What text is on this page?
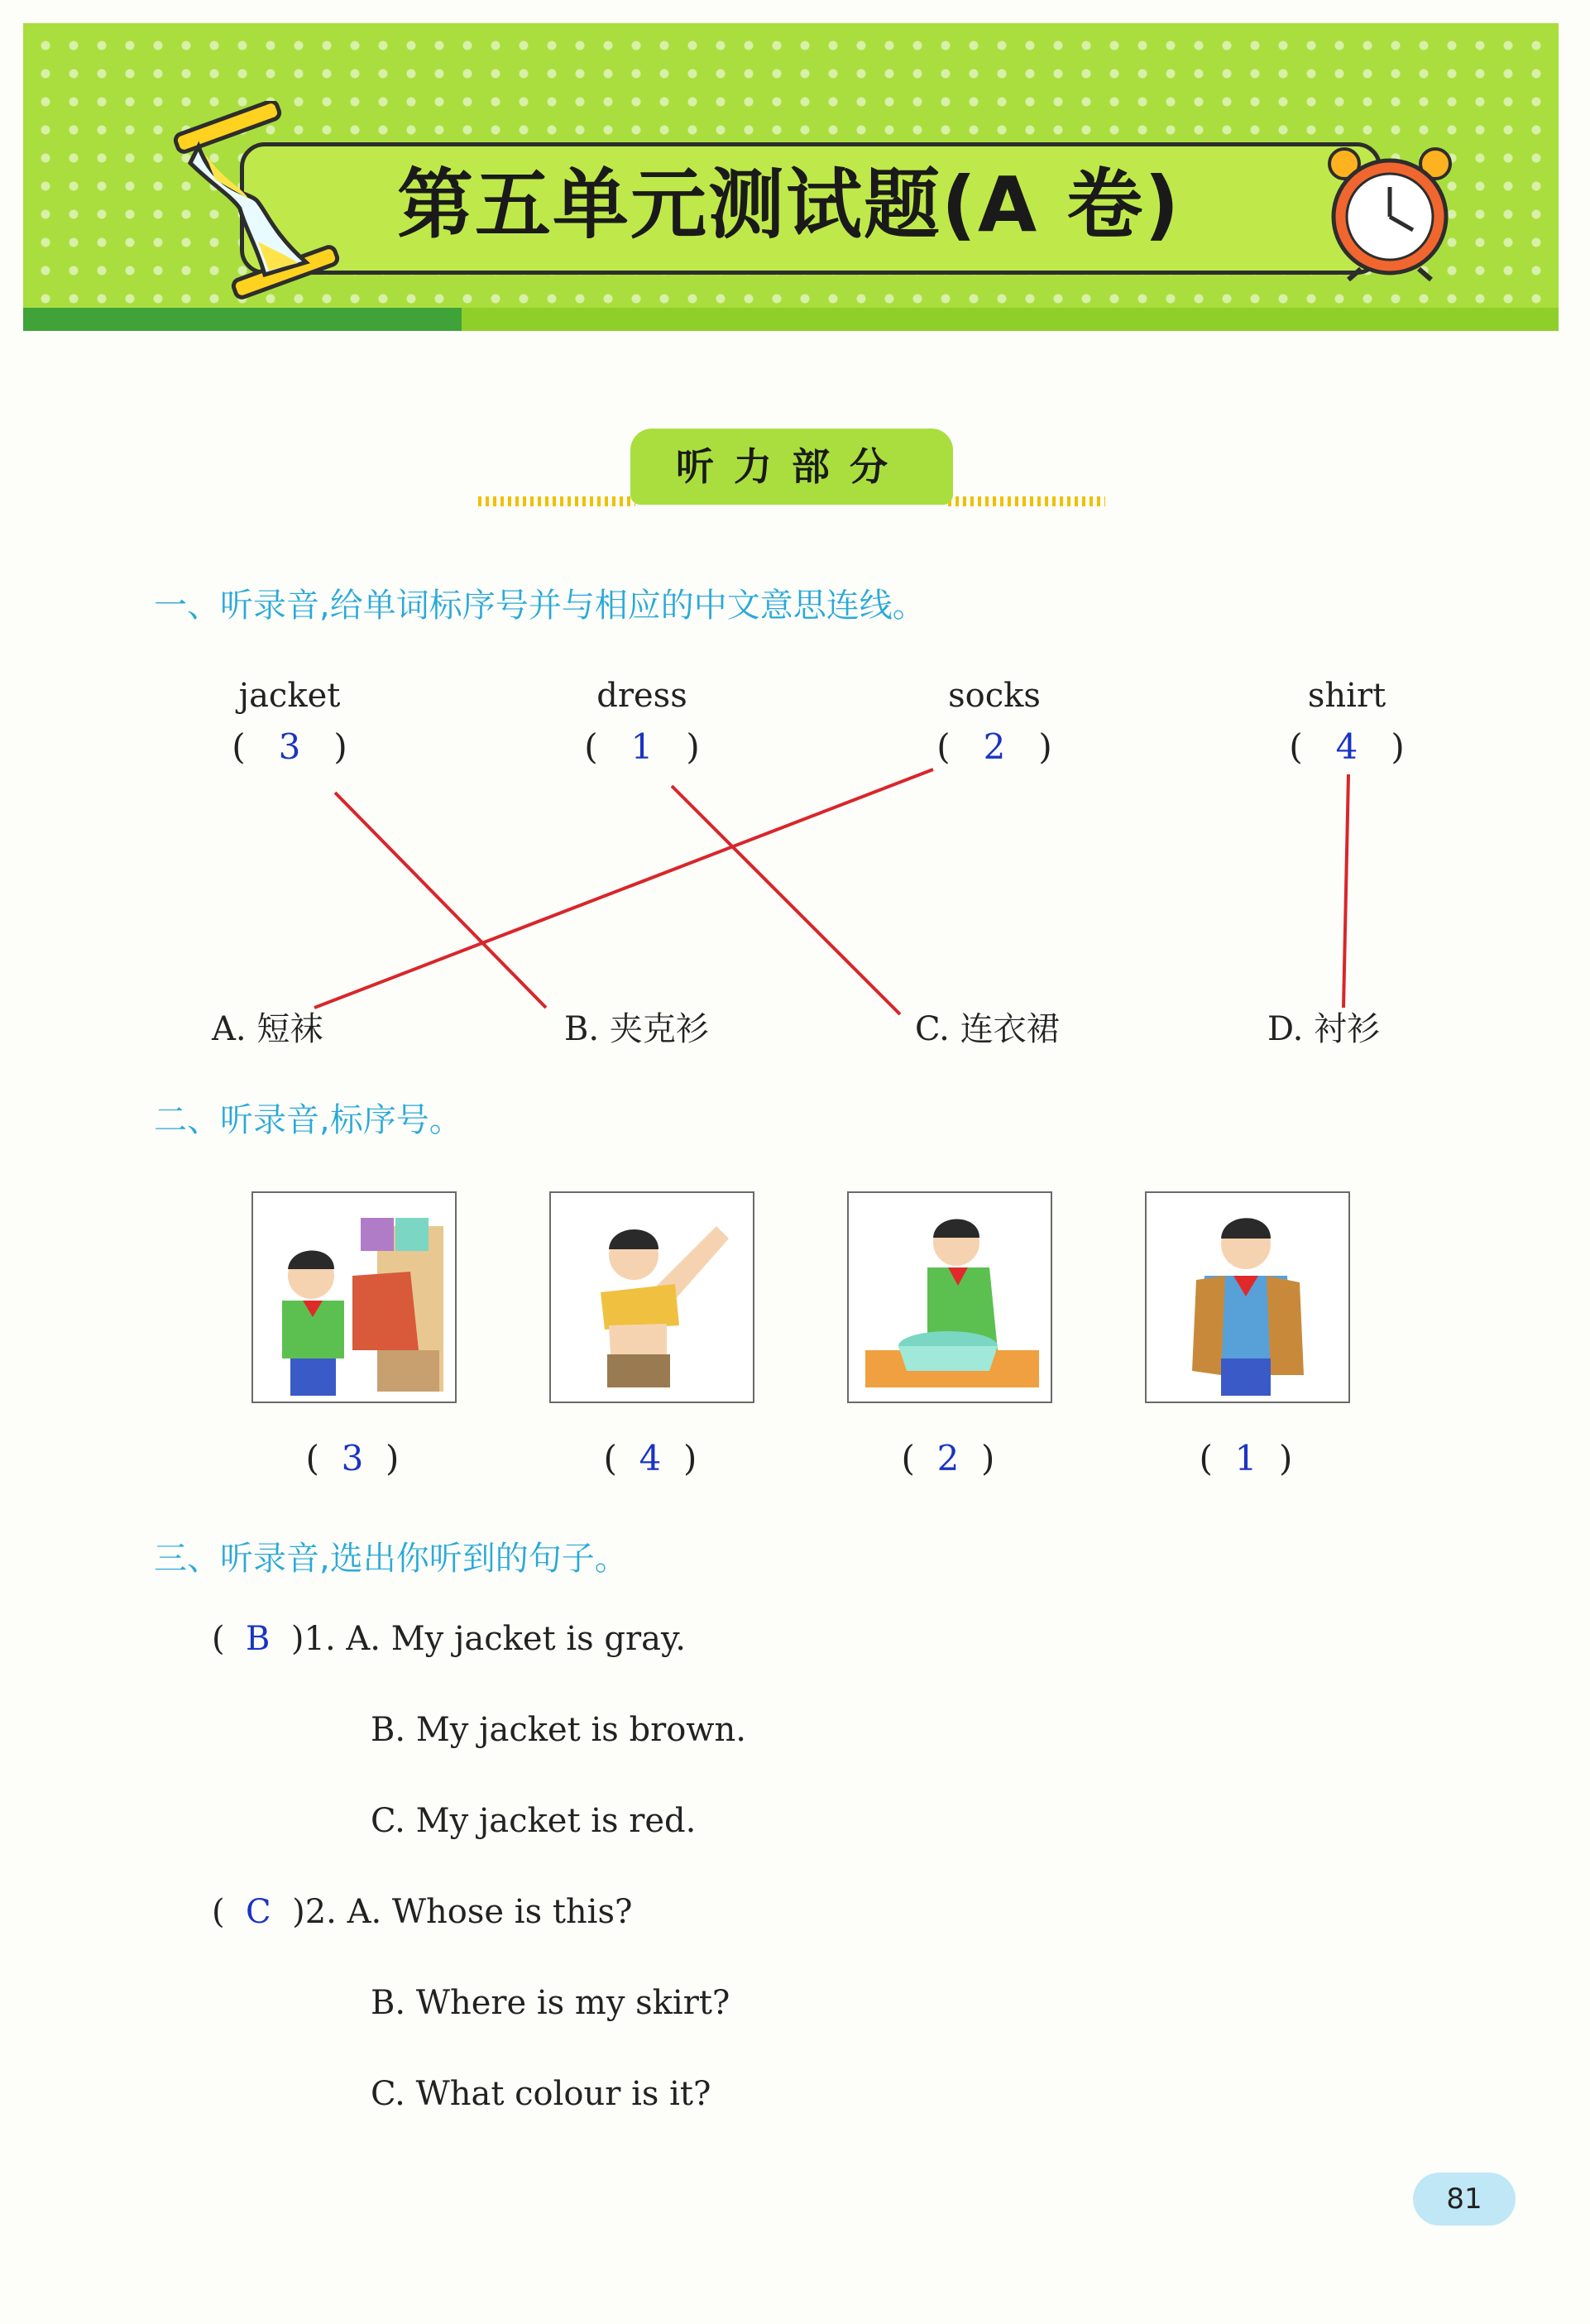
第五单元测试题(A 卷)
听力部分
一、听录音,给单词标序号并与相应的中文意思连线。
jacket	dress	socks	shirt
(   3   )	(   1   )	(   2   )	(   4   )
A. 短袜	B. 夹克衫	C. 连衣裙	D. 衬衫
二、听录音,标序号。
(  3  )	(  4  )	(  2  )	(  1  )
三、听录音,选出你听到的句子。
(  B )1. A. My jacket is gray.
B. My jacket is brown.
C. My jacket is red.
(  C )2. A. Whose is this?
B. Where is my skirt?
C. What colour is it?
81
